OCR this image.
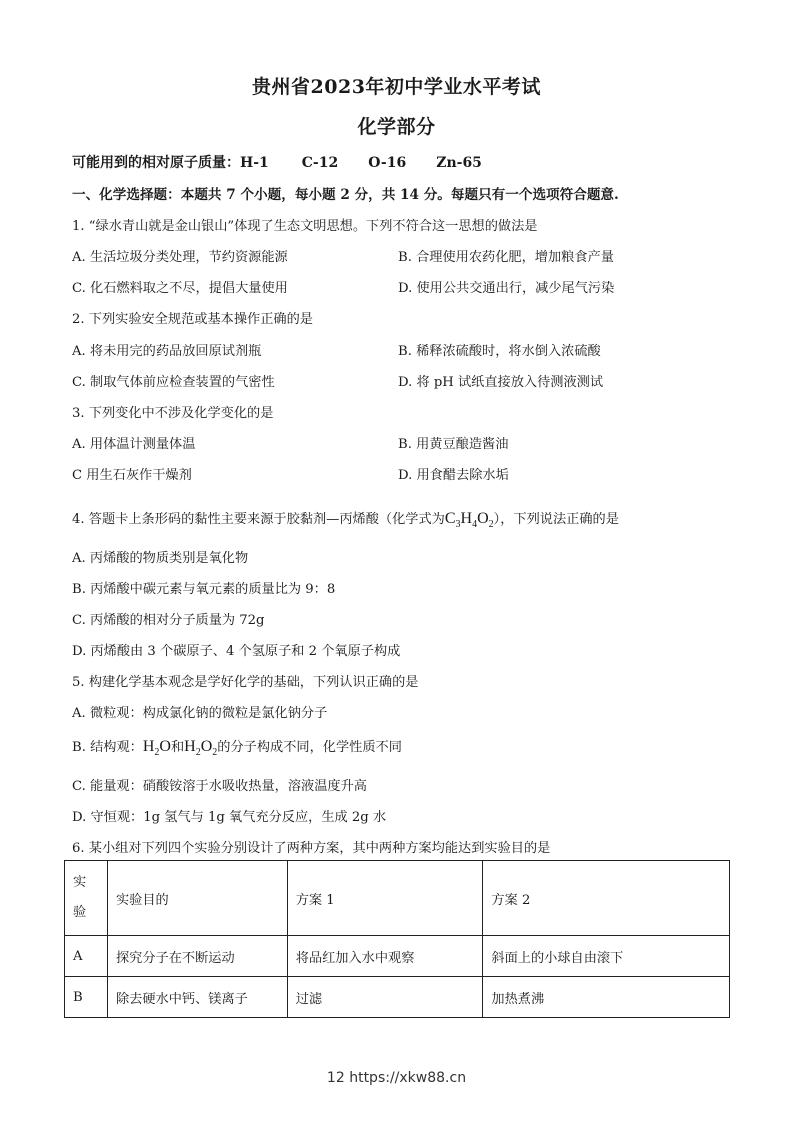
贵州省2023年初中学业水平考试
化学部分
可能用到的相对原子质量：H-1 C-12 O-16 Zn-65
一、化学选择题：本题共 7 个小题，每小题 2 分，共 14 分。每题只有一个选项符合题意.
1. “绿水青山就是金山银山”体现了生态文明思想。下列不符合这一思想的做法是
A. 生活垃圾分类处理，节约资源能源	B. 合理使用农药化肥，增加粮食产量
C. 化石燃料取之不尽，提倡大量使用	D. 使用公共交通出行，减少尾气污染
2. 下列实验安全规范或基本操作正确的是
A. 将未用完的药品放回原试剂瓶	B. 稀释浓硫酸时，将水倒入浓硫酸
C. 制取气体前应检查装置的气密性	D. 将 pH 试纸直接放入待测液测试
3. 下列变化中不涉及化学变化的是
A. 用体温计测量体温	B. 用黄豆酿造酱油
C 用生石灰作干燥剂	D. 用食醋去除水垢
4. 答题卡上条形码的黏性主要来源于胶黏剂—丙烯酸（化学式为$C_3H_4O_2$），下列说法正确的是
A. 丙烯酸的物质类别是氧化物
B. 丙烯酸中碳元素与氧元素的质量比为 9：8
C. 丙烯酸的相对分子质量为 72g
D. 丙烯酸由 3 个碳原子、4 个氢原子和 2 个氧原子构成
5. 构建化学基本观念是学好化学的基础，下列认识正确的是
A. 微粒观：构成氯化钠的微粒是氯化钠分子
B. 结构观：$H_2O$和$H_2O_2$的分子构成不同，化学性质不同
C. 能量观：硝酸铵溶于水吸收热量，溶液温度升高
D. 守恒观：1g 氢气与 1g 氧气充分反应，生成 2g 水
6. 某小组对下列四个实验分别设计了两种方案，其中两种方案均能达到实验目的是
实
验	实验目的	方案 1	方案 2
A	探究分子在不断运动	将品红加入水中观察	斜面上的小球自由滚下
B	除去硬水中钙、镁离子	过滤	加热煮沸
12 https://xkw88.cn
